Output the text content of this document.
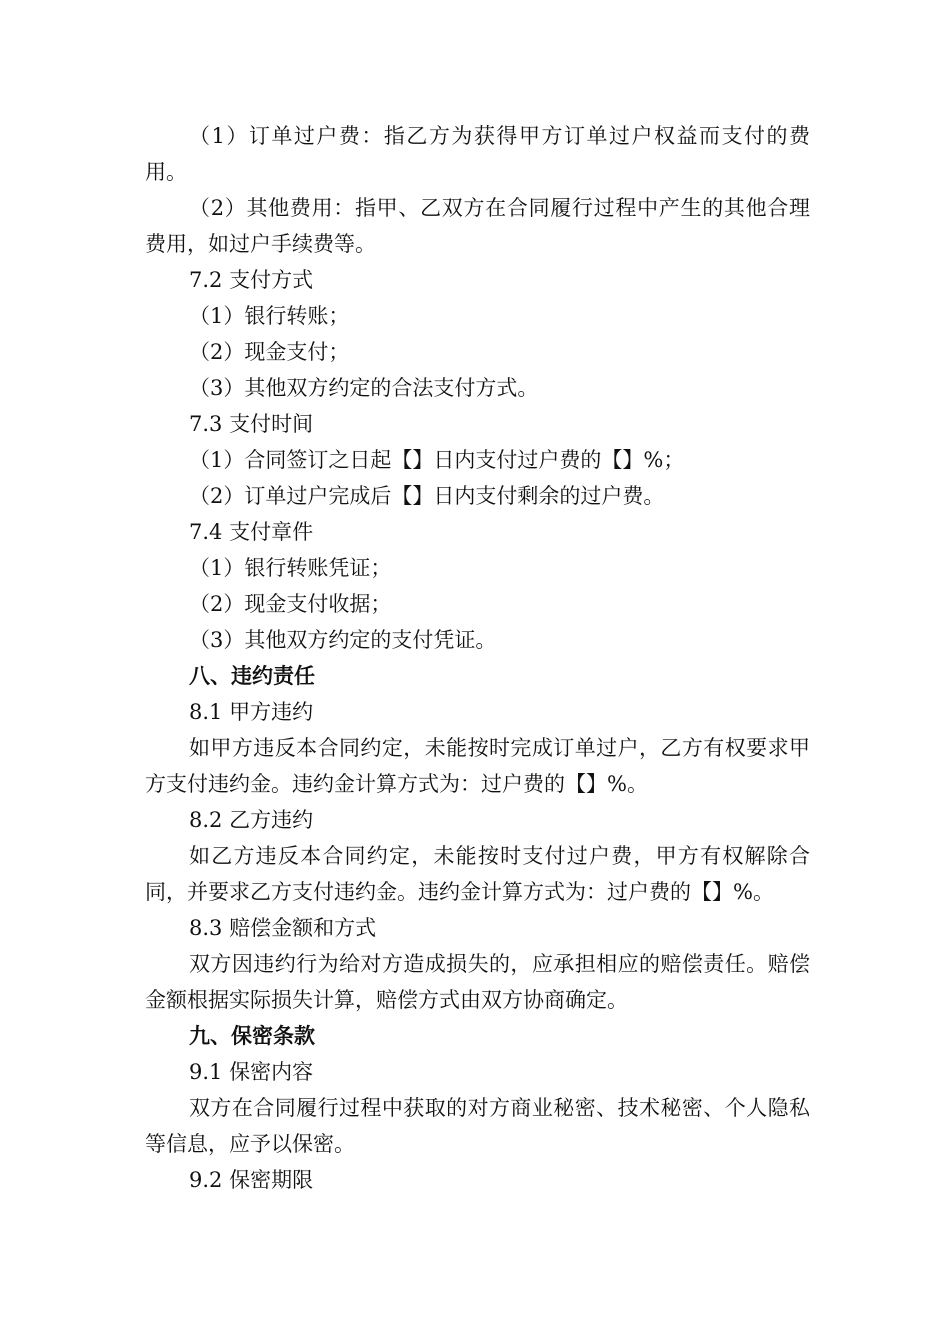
（1）订单过户费：指乙方为获得甲方订单过户权益而支付的费用。

（2）其他费用：指甲、乙双方在合同履行过程中产生的其他合理费用，如过户手续费等。

7.2 支付方式

（1）银行转账；

（2）现金支付；

（3）其他双方约定的合法支付方式。

7.3 支付时间

（1）合同签订之日起【】日内支付过户费的【】%；

（2）订单过户完成后【】日内支付剩余的过户费。

7.4 支付章件

（1）银行转账凭证；

（2）现金支付收据；

（3）其他双方约定的支付凭证。

八、违约责任

8.1 甲方违约

如甲方违反本合同约定，未能按时完成订单过户，乙方有权要求甲方支付违约金。违约金计算方式为：过户费的【】%。

8.2 乙方违约

如乙方违反本合同约定，未能按时支付过户费，甲方有权解除合同，并要求乙方支付违约金。违约金计算方式为：过户费的【】%。

8.3 赔偿金额和方式

双方因违约行为给对方造成损失的，应承担相应的赔偿责任。赔偿金额根据实际损失计算，赔偿方式由双方协商确定。

九、保密条款

9.1 保密内容

双方在合同履行过程中获取的对方商业秘密、技术秘密、个人隐私等信息，应予以保密。

9.2 保密期限
